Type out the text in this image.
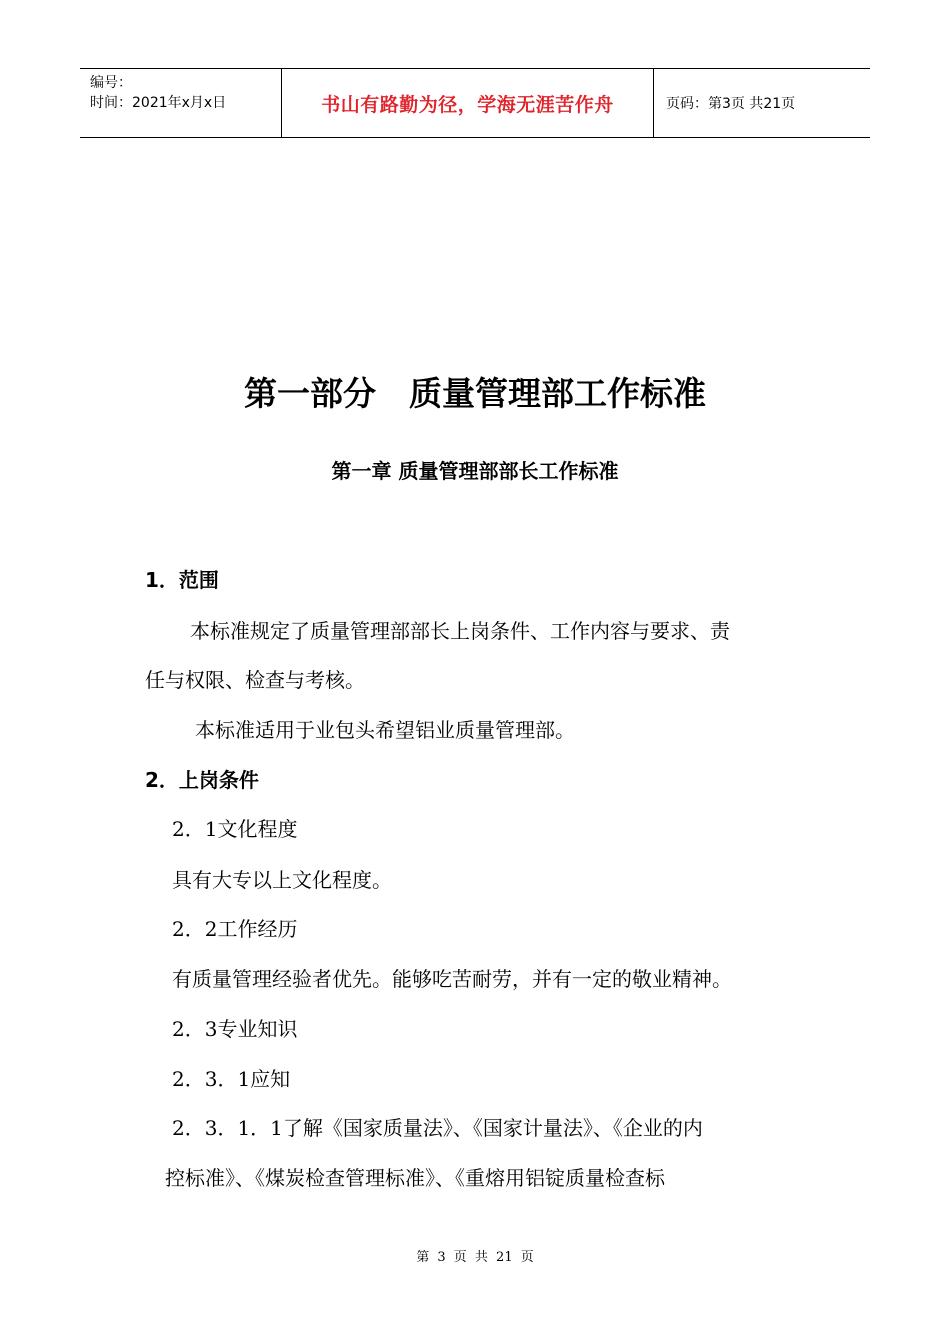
编号：
时间：2021年x月x日	书山有路勤为径，学海无涯苦作舟	页码：第3页 共21页
第一部分　质量管理部工作标准
第一章 质量管理部部长工作标准
1．范围
本标准规定了质量管理部部长上岗条件、工作内容与要求、责
任与权限、检查与考核。
本标准适用于业包头希望铝业质量管理部。
2．上岗条件
2．1文化程度
具有大专以上文化程度。
2．2工作经历
有质量管理经验者优先。能够吃苦耐劳，并有一定的敬业精神。
2．3专业知识
2．3．1应知
2．3．1．1了解《国家质量法》、《国家计量法》、《企业的内
控标准》、《煤炭检查管理标准》、《重熔用铝锭质量检查标
第 3 页 共 21 页
